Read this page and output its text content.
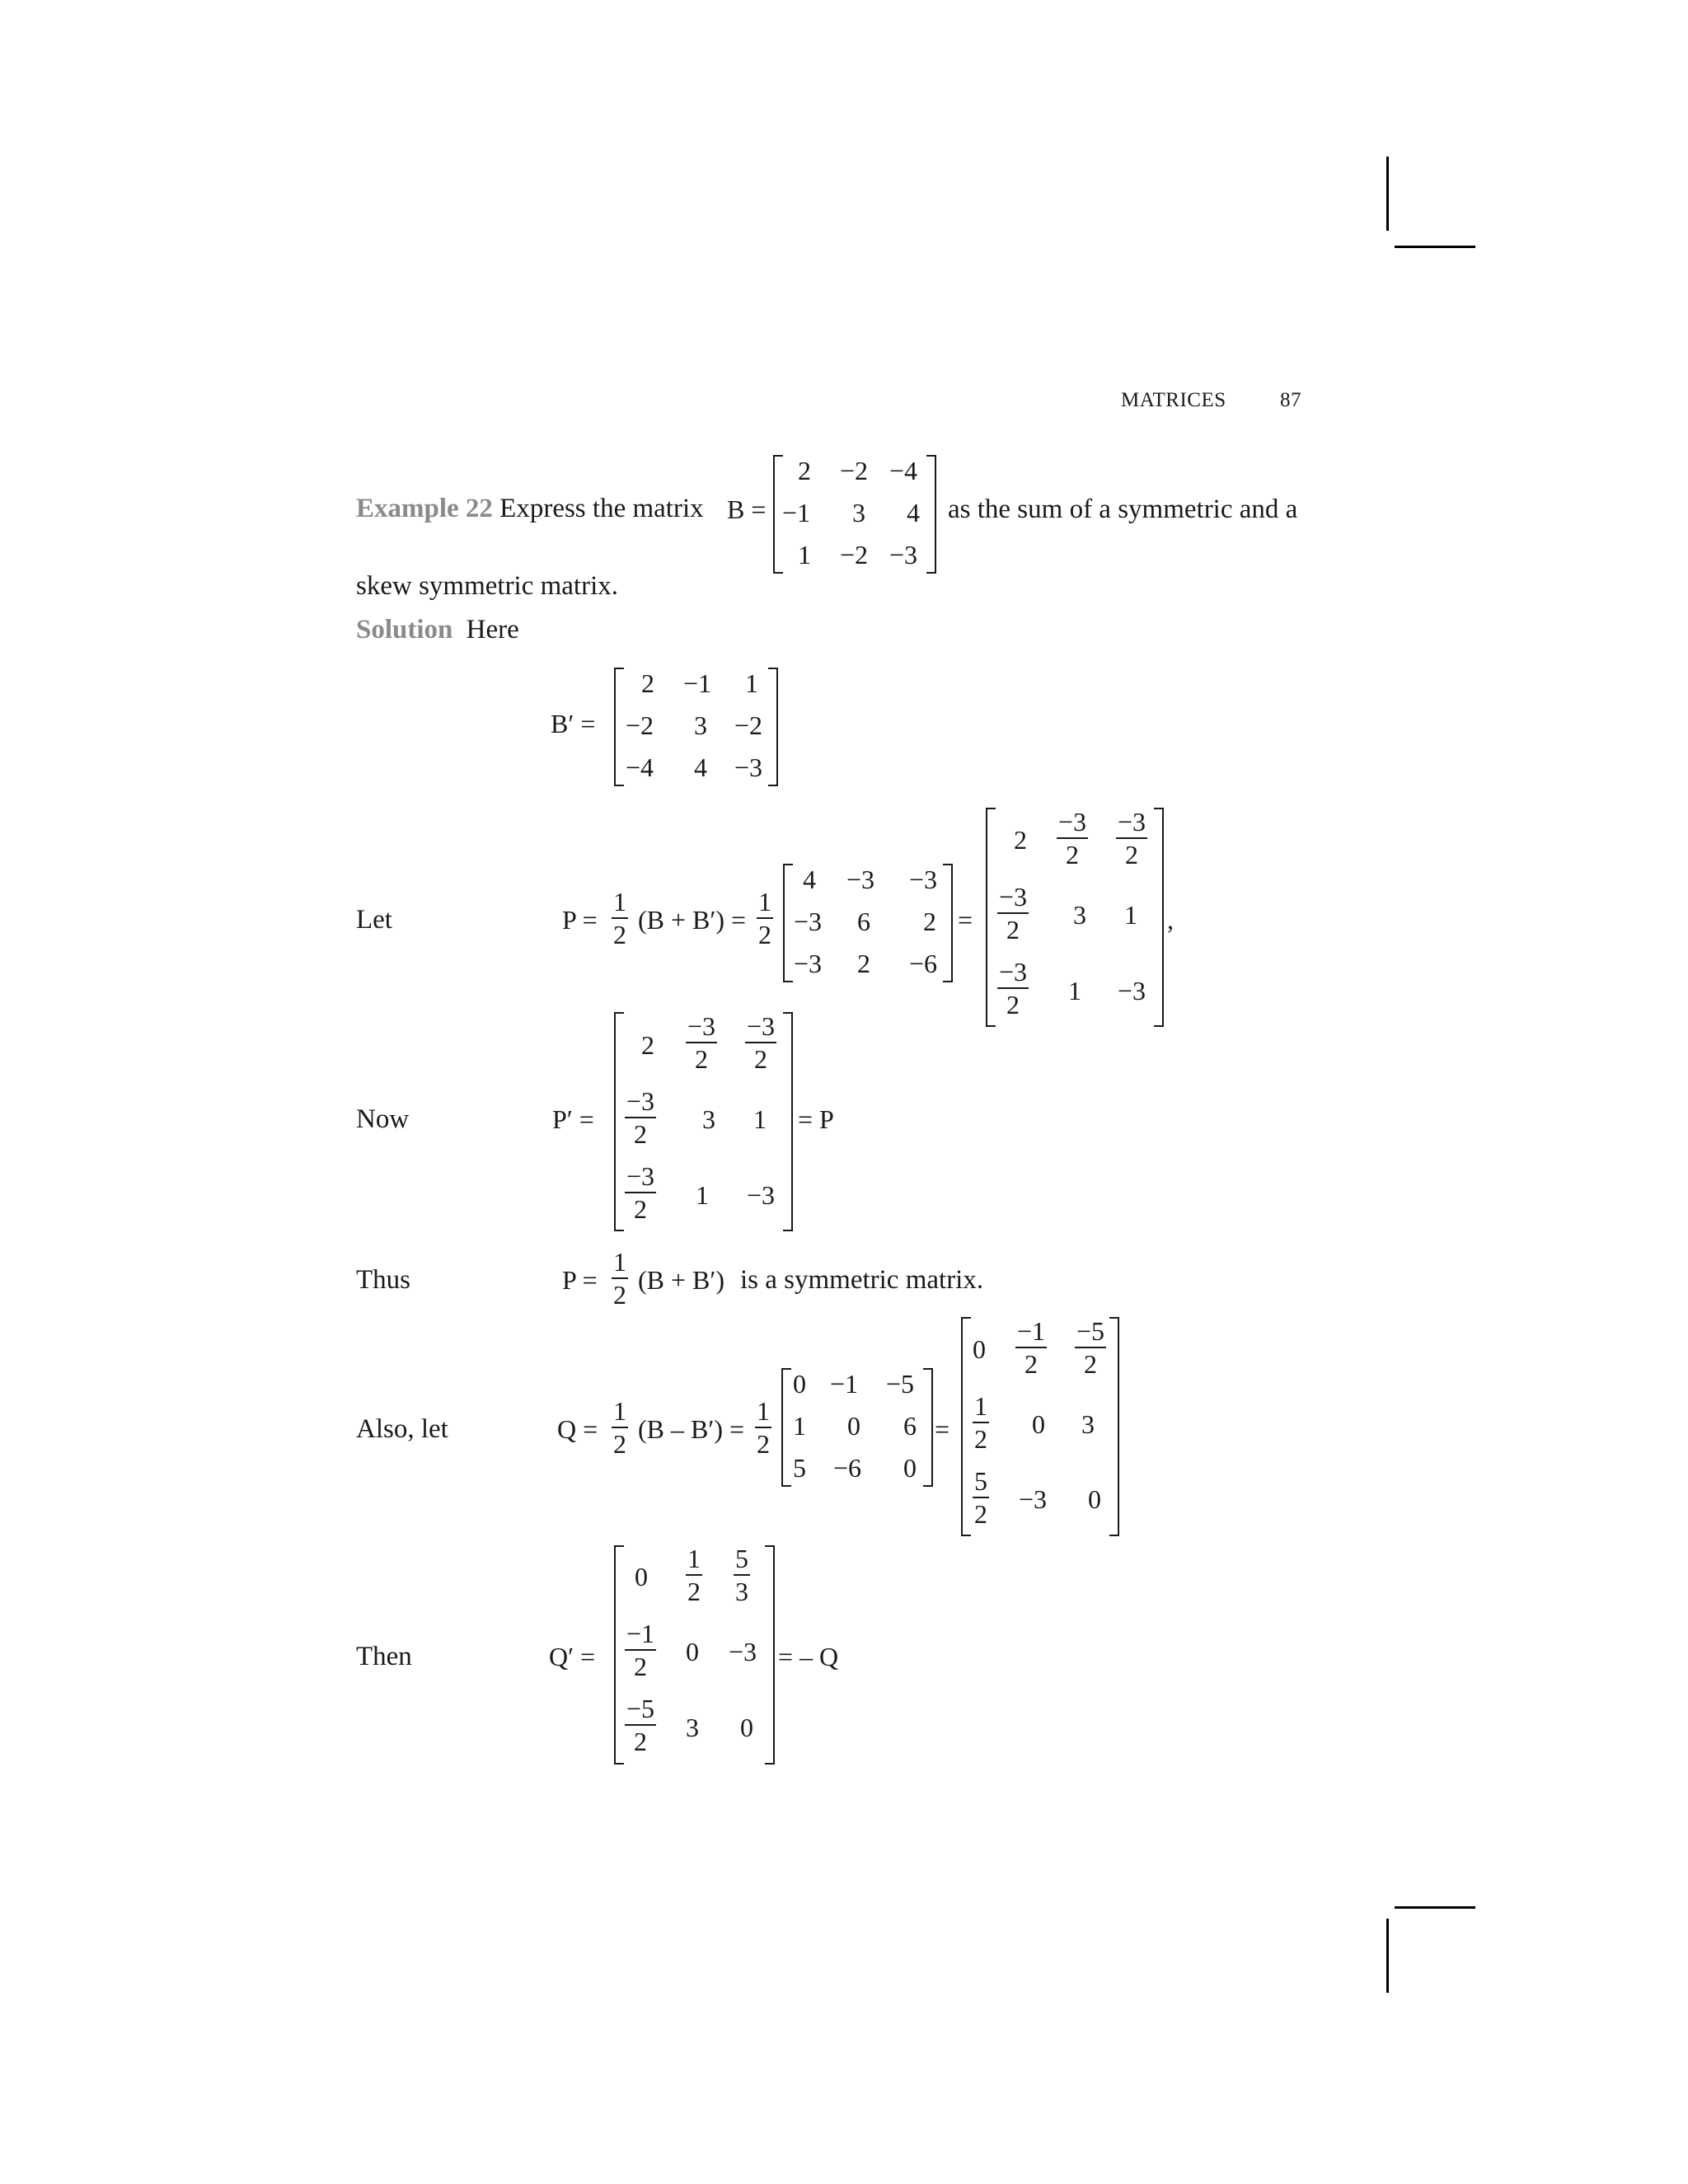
MATRICES	87
Example 22 Express the matrix B =
2	−2 −4
−1	3	4
1	−2 −3
as the sum of a symmetric and a
skew symmetric matrix.
Solution Here
B′ =
2	−1	1
−2	3	−2
−4	4	−3
Let	$P = \frac{1}{2} (B + B') = \frac{1}{2}$
4	−3	−3
−3	6	2
−3	2	−6
=
$2 \frac{-3}{2} \frac{-3}{2}$
$\frac{-3}{2} 3$ 1
$\frac{-3}{2} 1 -3$
,
Now	P′ =
$2 \frac{-3}{2} \frac{-3}{2}$
$\frac{-3}{2} 3$ 1
$\frac{-3}{2} 1 -3$
= P
Thus	$P = \frac{1}{2} (B + B')$ is a symmetric matrix.
Also, let	$Q = \frac{1}{2} (B - B') = \frac{1}{2}$
0 −1	−5
1	0	6
5	−6	0
=
$0 \frac{-1}{2} \frac{-5}{2}$
$\frac{1}{2} 0$ 3
$\frac{5}{2} -3$ 0
Then	Q′ =
$0 \frac{1}{2} \frac{5}{3}$
$\frac{-1}{2} 0 -3$
$\frac{-5}{2} 3$ 0
= – Q
